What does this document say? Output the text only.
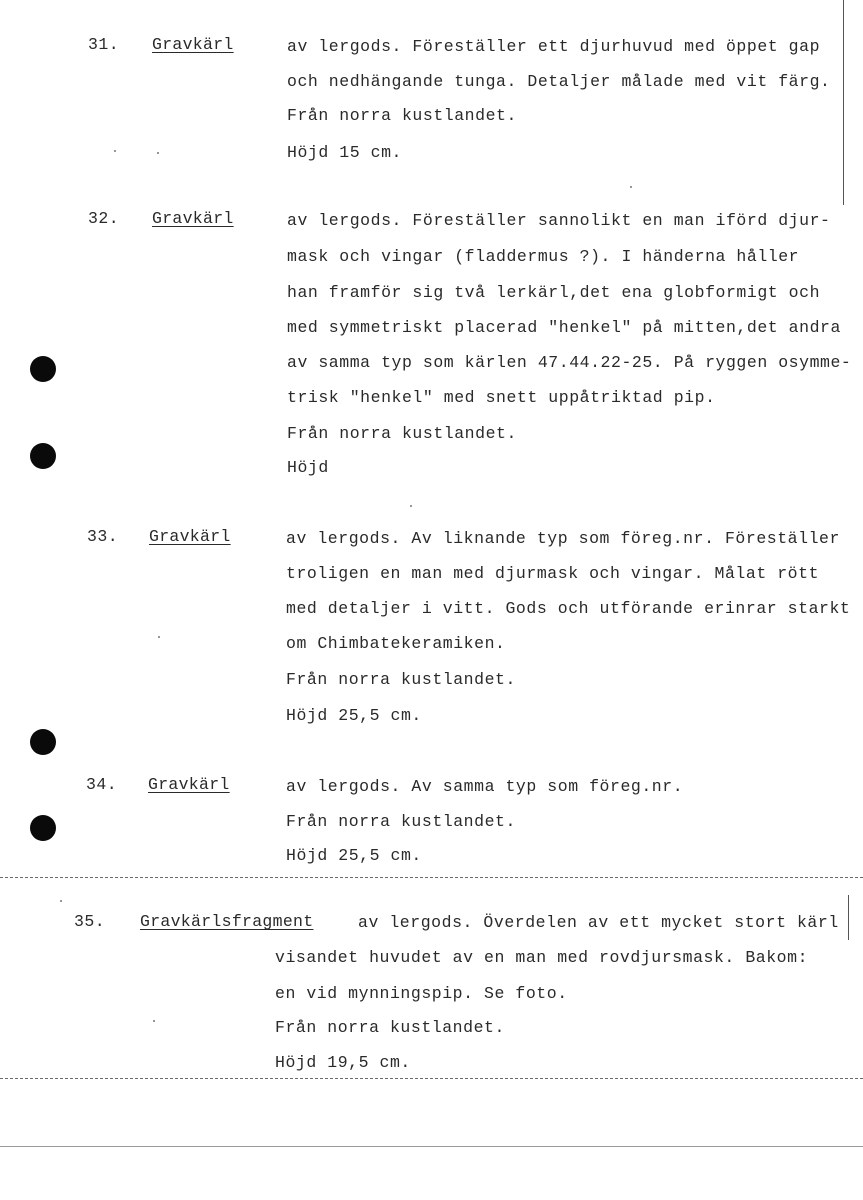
31. Gravkärl	av lergods. Föreställer ett djurhuvud med öppet gap
och nedhängande tunga. Detaljer målade med vit färg.
Från norra kustlandet.
Höjd 15 cm.
32. Gravkärl	av lergods. Föreställer sannolikt en man iförd djur-
mask och vingar (fladdermus ?). I händerna håller
han framför sig två lerkärl,det ena globformigt och
med symmetriskt placerad "henkel" på mitten,det andra
av samma typ som kärlen 47.44.22-25. På ryggen osymme-
trisk "henkel" med snett uppåtriktad pip.
Från norra kustlandet.
Höjd
33. Gravkärl	av lergods. Av liknande typ som föreg.nr. Föreställer
troligen en man med djurmask och vingar. Målat rött
med detaljer i vitt. Gods och utförande erinrar starkt
om Chimbatekeramiken.
Från norra kustlandet.
Höjd 25,5 cm.
34. Gravkärl	av lergods. Av samma typ som föreg.nr.
Från norra kustlandet.
Höjd 25,5 cm.
35. Gravkärlsfragment	av lergods. Överdelen av ett mycket stort kärl
visandet huvudet av en man med rovdjursmask. Bakom:
en vid mynningspip. Se foto.
Från norra kustlandet.
Höjd 19,5 cm.
